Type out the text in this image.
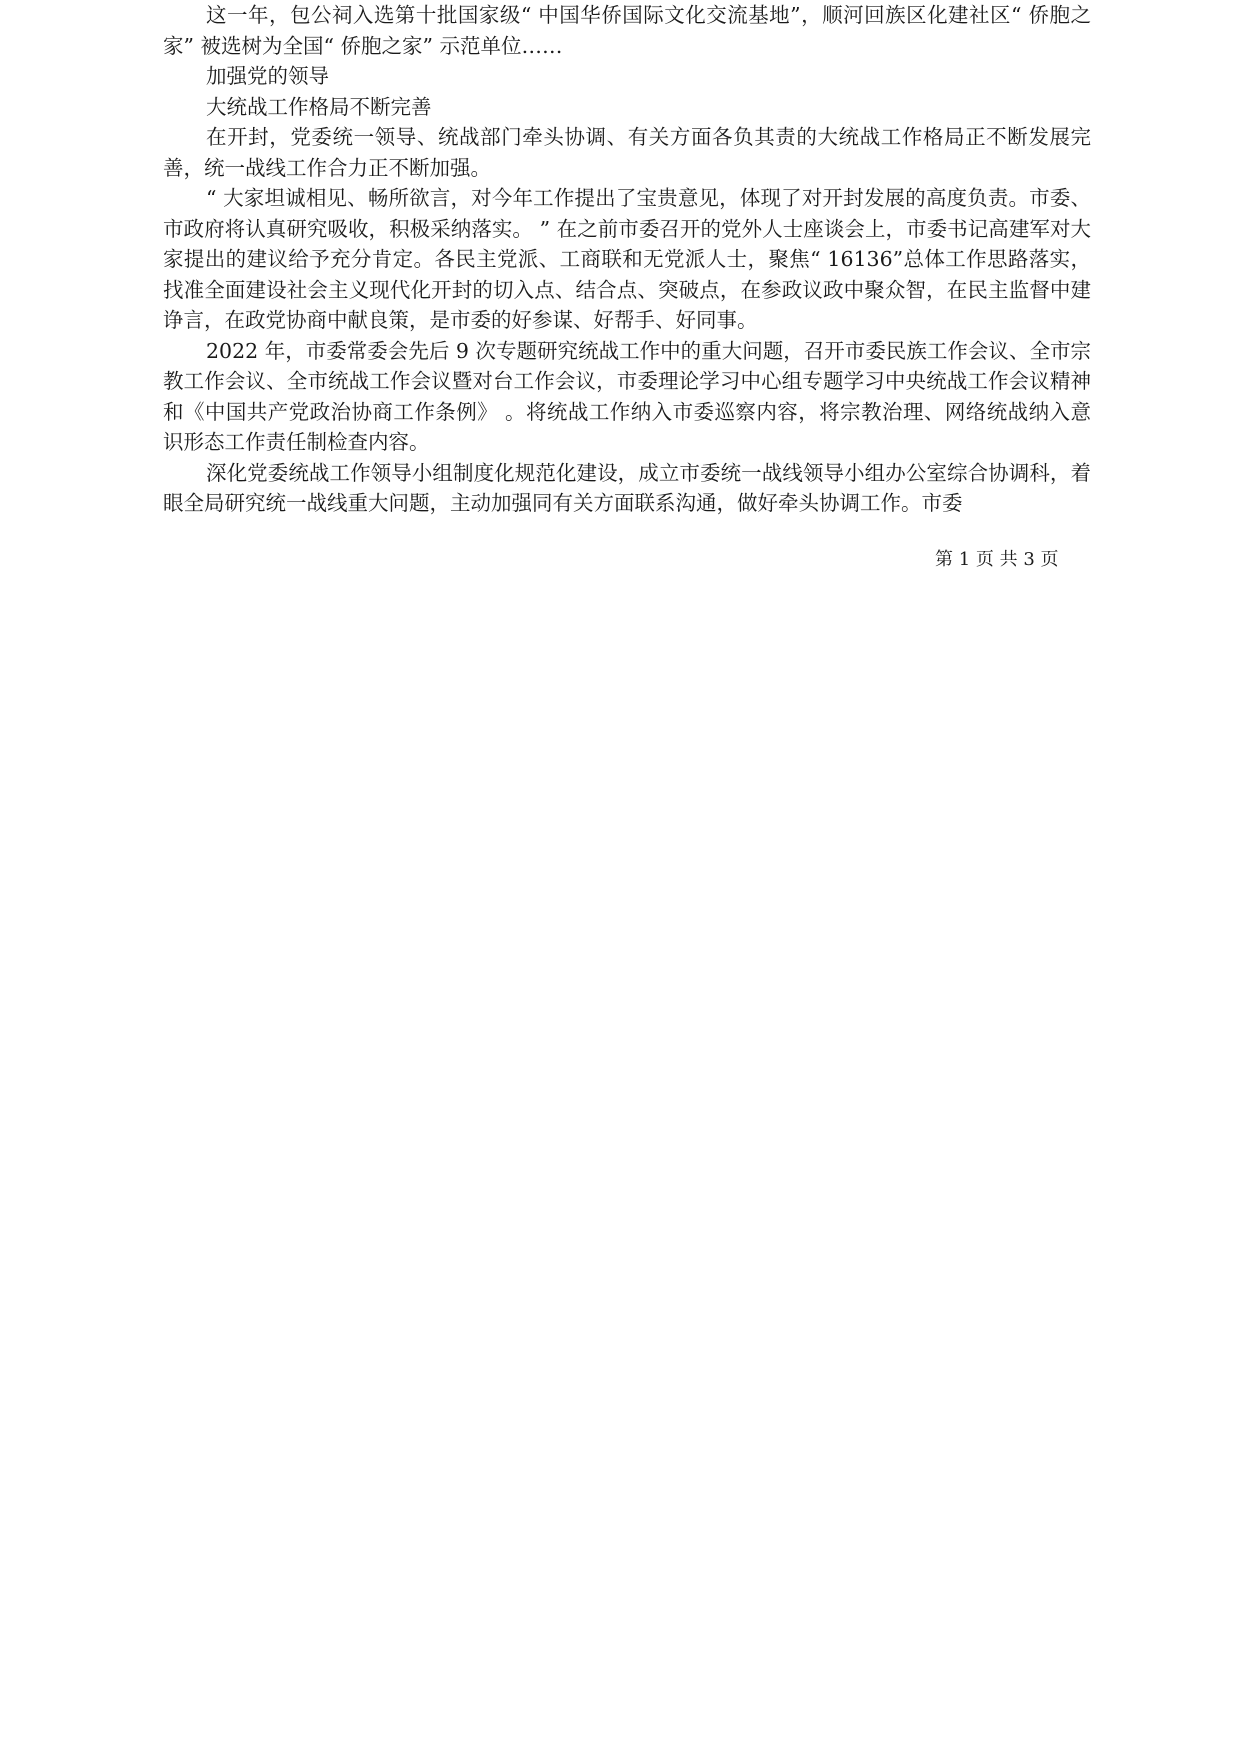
这一年，包公祠入选第十批国家级“ 中国华侨国际文化交流基地”，顺河回族区化建社区“ 侨胞之家” 被选树为全国“ 侨胞之家” 示范单位……

加强党的领导

大统战工作格局不断完善

在开封，党委统一领导、统战部门牵头协调、有关方面各负其责的大统战工作格局正不断发展完善，统一战线工作合力正不断加强。

“ 大家坦诚相见、畅所欲言，对今年工作提出了宝贵意见，体现了对开封发展的高度负责。市委、市政府将认真研究吸收，积极采纳落实。 ” 在之前市委召开的党外人士座谈会上，市委书记高建军对大家提出的建议给予充分肯定。各民主党派、工商联和无党派人士，聚焦“ 16136”总体工作思路落实，找准全面建设社会主义现代化开封的切入点、结合点、突破点，在参政议政中聚众智，在民主监督中建诤言，在政党协商中献良策，是市委的好参谋、好帮手、好同事。

2022 年，市委常委会先后 9 次专题研究统战工作中的重大问题，召开市委民族工作会议、全市宗教工作会议、全市统战工作会议暨对台工作会议，市委理论学习中心组专题学习中央统战工作会议精神和《中国共产党政治协商工作条例》 。将统战工作纳入市委巡察内容，将宗教治理、网络统战纳入意识形态工作责任制检查内容。

深化党委统战工作领导小组制度化规范化建设，成立市委统一战线领导小组办公室综合协调科，着眼全局研究统一战线重大问题，主动加强同有关方面联系沟通，做好牵头协调工作。市委

第 1 页 共 3 页
